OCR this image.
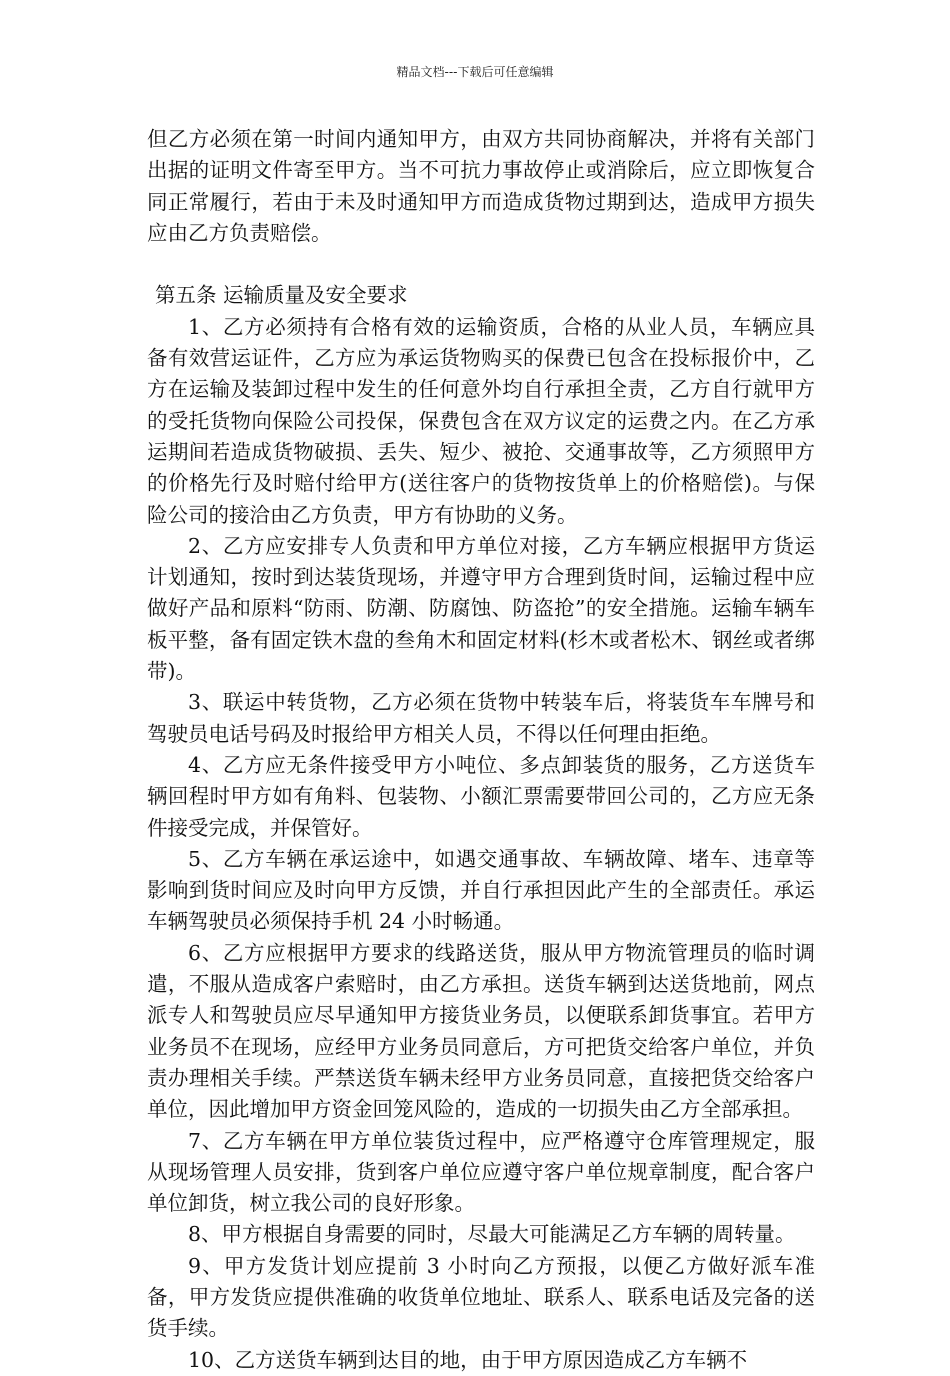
精品文档---下载后可任意编辑

但乙方必须在第一时间内通知甲方，由双方共同协商解决，并将有关部门出据的证明文件寄至甲方。当不可抗力事故停止或消除后，应立即恢复合同正常履行，若由于未及时通知甲方而造成货物过期到达，造成甲方损失应由乙方负责赔偿。

第五条 运输质量及安全要求

1、乙方必须持有合格有效的运输资质，合格的从业人员，车辆应具备有效营运证件，乙方应为承运货物购买的保费已包含在投标报价中，乙方在运输及装卸过程中发生的任何意外均自行承担全责，乙方自行就甲方的受托货物向保险公司投保，保费包含在双方议定的运费之内。在乙方承运期间若造成货物破损、丢失、短少、被抢、交通事故等，乙方须照甲方的价格先行及时赔付给甲方(送往客户的货物按货单上的价格赔偿)。与保险公司的接洽由乙方负责，甲方有协助的义务。

2、乙方应安排专人负责和甲方单位对接，乙方车辆应根据甲方货运计划通知，按时到达装货现场，并遵守甲方合理到货时间，运输过程中应做好产品和原料“防雨、防潮、防腐蚀、防盗抢”的安全措施。运输车辆车板平整，备有固定铁木盘的叁角木和固定材料(杉木或者松木、钢丝或者绑带)。

3、联运中转货物，乙方必须在货物中转装车后，将装货车车牌号和驾驶员电话号码及时报给甲方相关人员，不得以任何理由拒绝。

4、乙方应无条件接受甲方小吨位、多点卸装货的服务，乙方送货车辆回程时甲方如有角料、包装物、小额汇票需要带回公司的，乙方应无条件接受完成，并保管好。

5、乙方车辆在承运途中，如遇交通事故、车辆故障、堵车、违章等影响到货时间应及时向甲方反馈，并自行承担因此产生的全部责任。承运车辆驾驶员必须保持手机 24 小时畅通。

6、乙方应根据甲方要求的线路送货，服从甲方物流管理员的临时调遣，不服从造成客户索赔时，由乙方承担。送货车辆到达送货地前，网点派专人和驾驶员应尽早通知甲方接货业务员，以便联系卸货事宜。若甲方业务员不在现场，应经甲方业务员同意后，方可把货交给客户单位，并负责办理相关手续。严禁送货车辆未经甲方业务员同意，直接把货交给客户单位，因此增加甲方资金回笼风险的，造成的一切损失由乙方全部承担。

7、乙方车辆在甲方单位装货过程中，应严格遵守仓库管理规定，服从现场管理人员安排，货到客户单位应遵守客户单位规章制度，配合客户单位卸货，树立我公司的良好形象。

8、甲方根据自身需要的同时，尽最大可能满足乙方车辆的周转量。

9、甲方发货计划应提前 3 小时向乙方预报，以便乙方做好派车准备，甲方发货应提供准确的收货单位地址、联系人、联系电话及完备的送货手续。

10、乙方送货车辆到达目的地，由于甲方原因造成乙方车辆不
